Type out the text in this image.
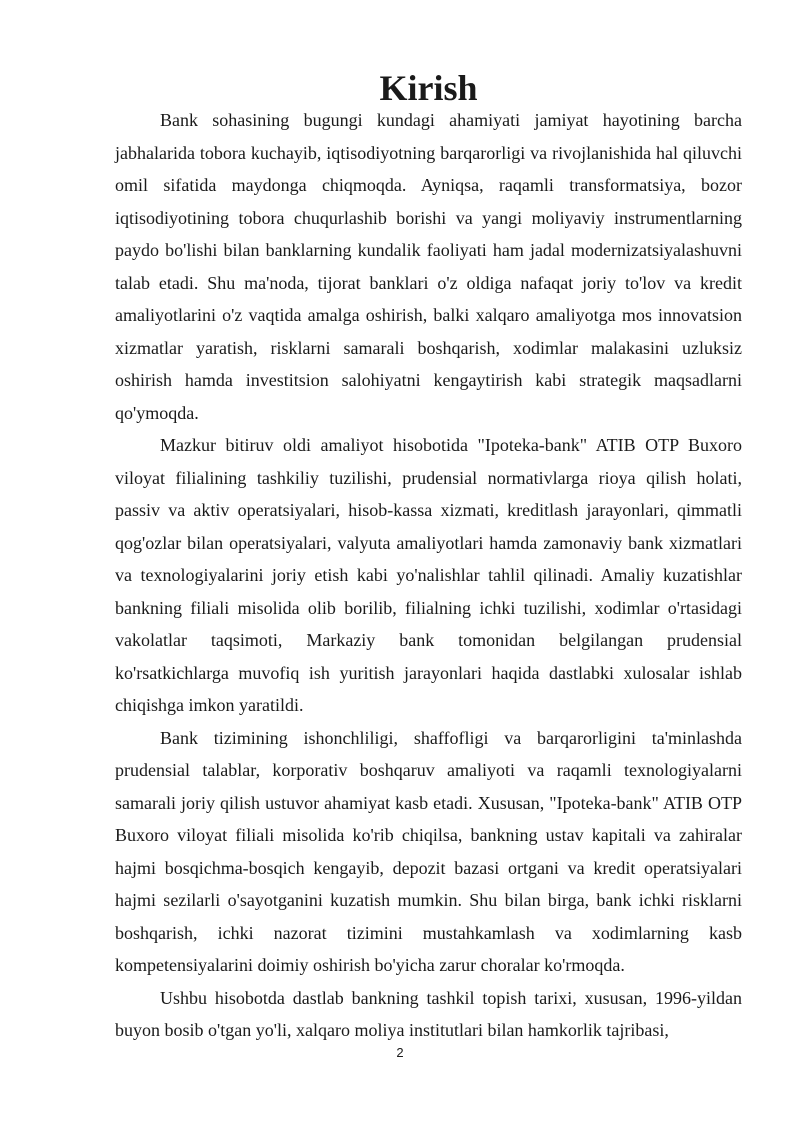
Kirish

Bank sohasining bugungi kundagi ahamiyati jamiyat hayotining barcha jabhalarida tobora kuchayib, iqtisodiyotning barqarorligi va rivojlanishida hal qiluvchi omil sifatida maydonga chiqmoqda. Ayniqsa, raqamli transformatsiya, bozor iqtisodiyotining tobora chuqurlashib borishi va yangi moliyaviy instrumentlarning paydo bo'lishi bilan banklarning kundalik faoliyati ham jadal modernizatsiyalashuvni talab etadi. Shu ma'noda, tijorat banklari o'z oldiga nafaqat joriy to'lov va kredit amaliyotlarini o'z vaqtida amalga oshirish, balki xalqaro amaliyotga mos innovatsion xizmatlar yaratish, risklarni samarali boshqarish, xodimlar malakasini uzluksiz oshirish hamda investitsion salohiyatni kengaytirish kabi strategik maqsadlarni qo'ymoqda.

Mazkur bitiruv oldi amaliyot hisobotida "Ipoteka-bank" ATIB OTP Buxoro viloyat filialining tashkiliy tuzilishi, prudensial normativlarga rioya qilish holati, passiv va aktiv operatsiyalari, hisob-kassa xizmati, kreditlash jarayonlari, qimmatli qog'ozlar bilan operatsiyalari, valyuta amaliyotlari hamda zamonaviy bank xizmatlari va texnologiyalarini joriy etish kabi yo'nalishlar tahlil qilinadi. Amaliy kuzatishlar bankning filiali misolida olib borilib, filialning ichki tuzilishi, xodimlar o'rtasidagi vakolatlar taqsimoti, Markaziy bank tomonidan belgilangan prudensial ko'rsatkichlarga muvofiq ish yuritish jarayonlari haqida dastlabki xulosalar ishlab chiqishga imkon yaratildi.

Bank tizimining ishonchliligi, shaffofligi va barqarorligini ta'minlashda prudensial talablar, korporativ boshqaruv amaliyoti va raqamli texnologiyalarni samarali joriy qilish ustuvor ahamiyat kasb etadi. Xususan, "Ipoteka-bank" ATIB OTP Buxoro viloyat filiali misolida ko'rib chiqilsa, bankning ustav kapitali va zahiralar hajmi bosqichma-bosqich kengayib, depozit bazasi ortgani va kredit operatsiyalari hajmi sezilarli o'sayotganini kuzatish mumkin. Shu bilan birga, bank ichki risklarni boshqarish, ichki nazorat tizimini mustahkamlash va xodimlarning kasb kompetensiyalarini doimiy oshirish bo'yicha zarur choralar ko'rmoqda.

Ushbu hisobotda dastlab bankning tashkil topish tarixi, xususan, 1996-yildan buyon bosib o'tgan yo'li, xalqaro moliya institutlari bilan hamkorlik tajribasi,

2
